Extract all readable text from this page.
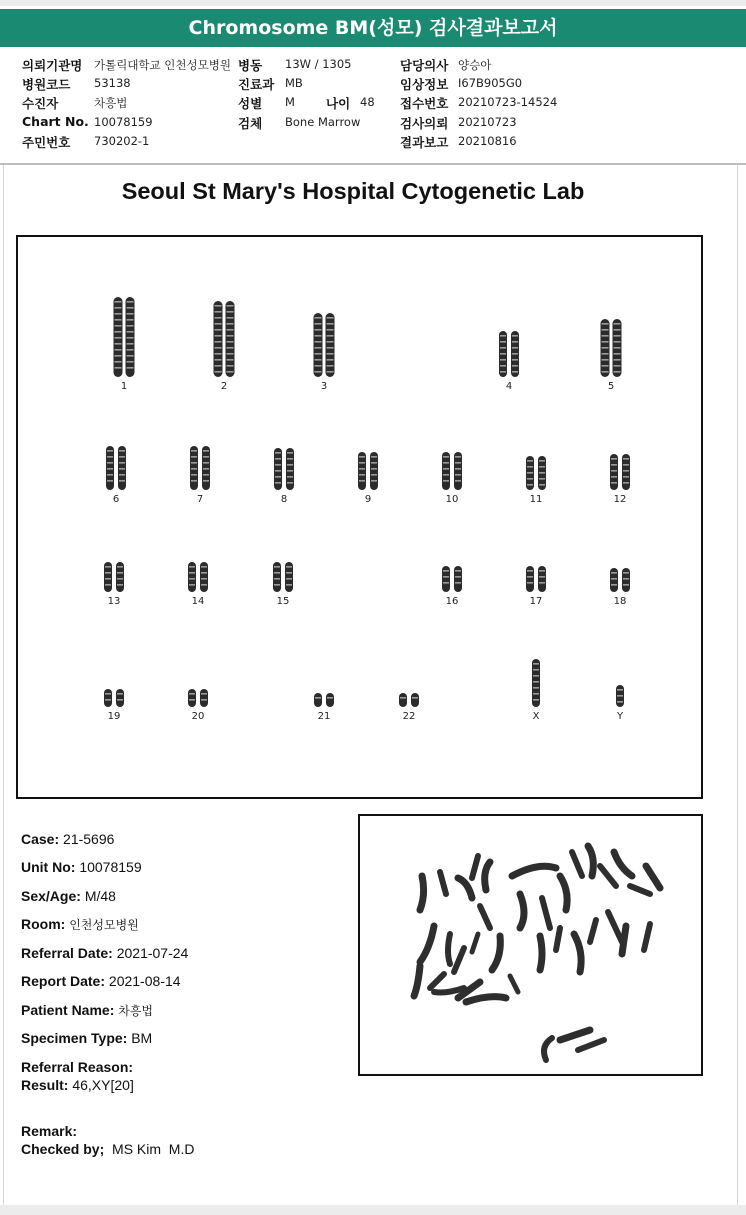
Chromosome BM(성모) 검사결과보고서
의뢰기관명 가톨릭대학교 인천성모병원 병동 13W / 1305	담당의사 양승아
병원코드 53138	진료과 MB	임상정보 I67B905G0
수진자	차흥법	성별 M 나이 48 접수번호 20210723-14524
Chart No. 10078159	검체 Bone Marrow	검사의뢰 20210723
주민번호 730202-1	결과보고 20210816
Seoul St Mary's Hospital Cytogenetic Lab
1	2	3	4	5
6	7	8	9	10	11	12
13	14	15	16	17	18
19	20	21	22	X	Y
Case: 21-5696
Unit No: 10078159
Sex/Age: M/48
Room: 인천성모병원
Referral Date: 2021-07-24
Report Date: 2021-08-14
Patient Name: 차흥법
Specimen Type: BM
Referral Reason:
Result: 46,XY[20]
Remark:
Checked by; MS Kim  M.D
